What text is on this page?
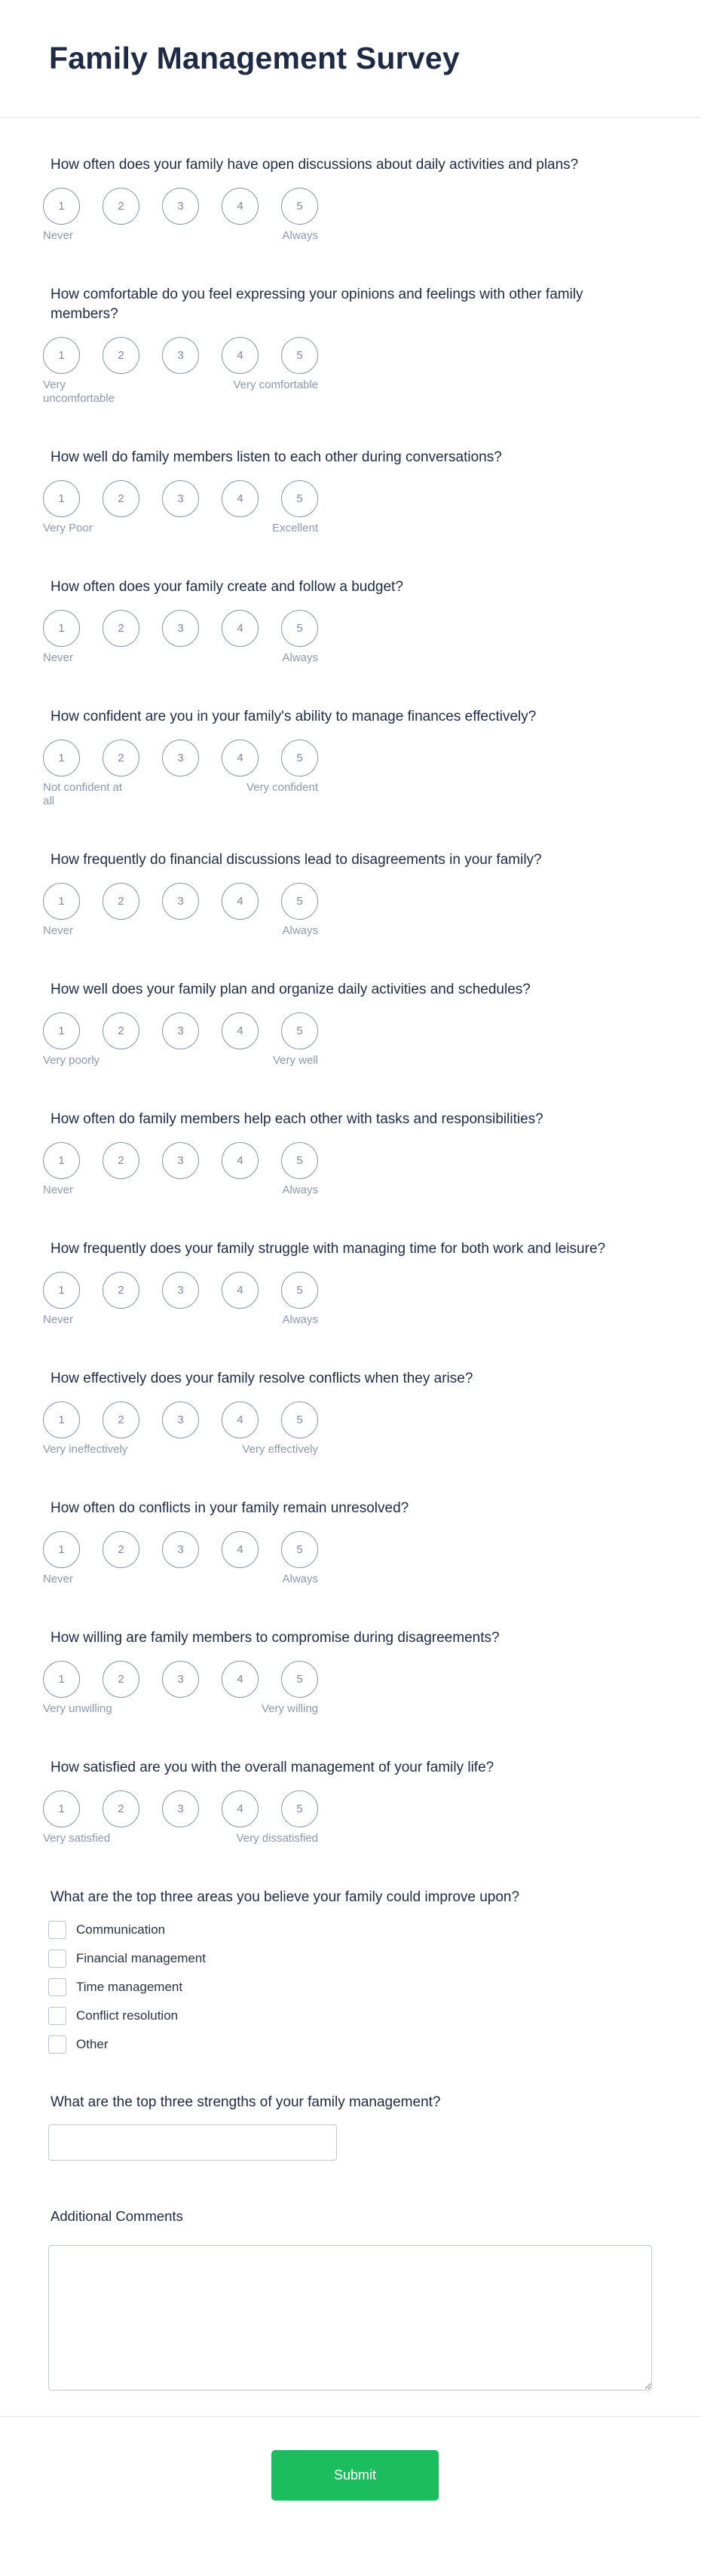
Family Management Survey
How often does your family have open discussions about daily activities and plans?
1	2	3	4	5
Never	Always
How comfortable do you feel expressing your opinions and feelings with other family members?
1	2	3	4	5
Very
uncomfortable
Very comfortable
How well do family members listen to each other during conversations?
1	2	3	4	5
Very Poor	Excellent
How often does your family create and follow a budget?
1	2	3	4	5
Never	Always
How confident are you in your family's ability to manage finances effectively?
1	2	3	4	5
Not confident at
all
Very confident
How frequently do financial discussions lead to disagreements in your family?
1	2	3	4	5
Never	Always
How well does your family plan and organize daily activities and schedules?
1	2	3	4	5
Very poorly	Very well
How often do family members help each other with tasks and responsibilities?
1	2	3	4	5
Never	Always
How frequently does your family struggle with managing time for both work and leisure?
1	2	3	4	5
Never	Always
How effectively does your family resolve conflicts when they arise?
1	2	3	4	5
Very ineffectively	Very effectively
How often do conflicts in your family remain unresolved?
1	2	3	4	5
Never	Always
How willing are family members to compromise during disagreements?
1	2	3	4	5
Very unwilling	Very willing
How satisfied are you with the overall management of your family life?
1	2	3	4	5
Very satisfied	Very dissatisfied
What are the top three areas you believe your family could improve upon?
Communication
Financial management
Time management
Conflict resolution
Other
What are the top three strengths of your family management?
Additional Comments
Submit
